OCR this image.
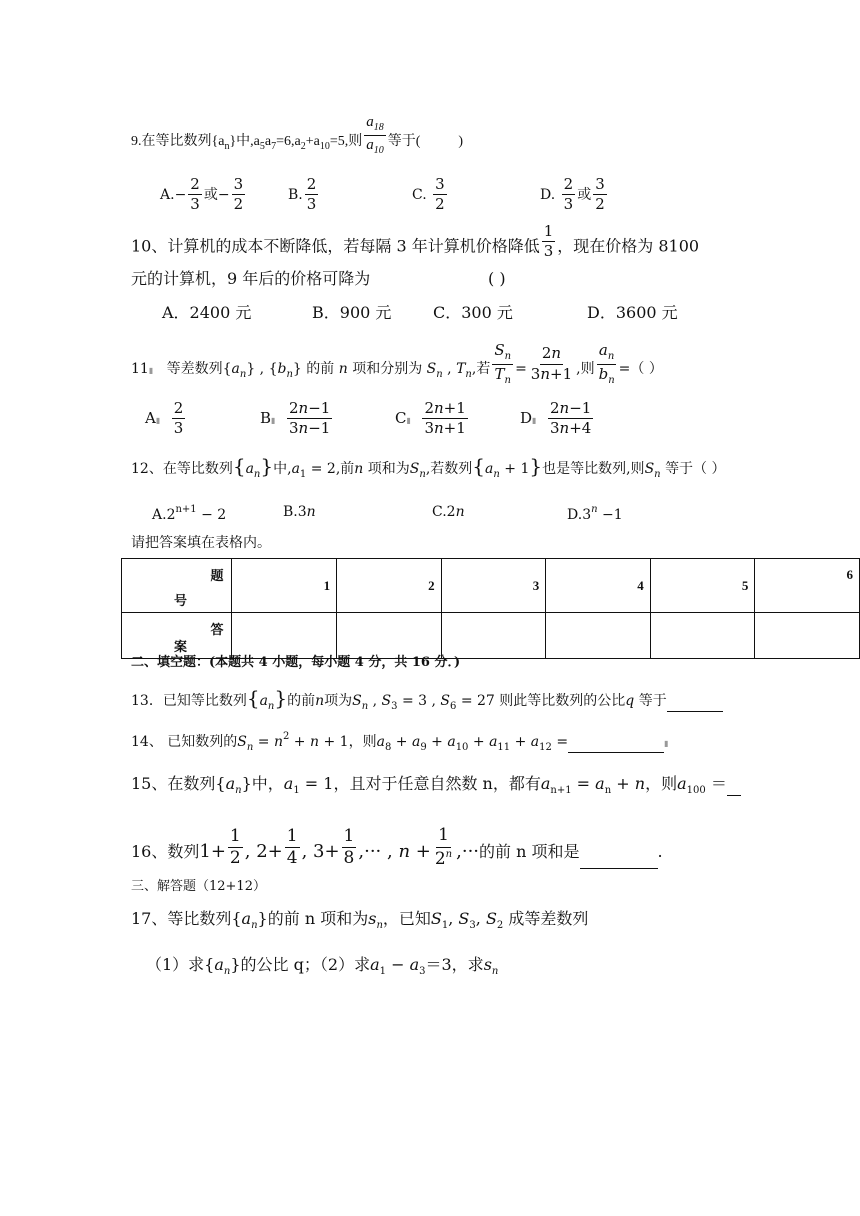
9.在等比数列$\{a_n\}$中$,a_5a_7=6,a_2+a_{10}=5$,则 $\frac{a_{18}}{a_{10}}$ 等于(	)
$A.- \frac{2}{3}$ 或− $\frac{3}{2}$	B. $\frac{2}{3}$	C. $\frac{3}{2}$	D. $\frac{2}{3}$ 或 $\frac{3}{2}$
10、计算机的成本不断降低，若每隔 3 年计算机价格降低 $\frac{1}{3}$ ，现在价格为 8100
元的计算机，9 年后的价格可降为	( )
A．2400 元	B．900 元	C．300 元	D．3600 元
11▮ 等差数列$\{a_n\}$ , $\{b_n\}$ 的前 n 项和分别为 $S_n$ , $T_n$,若 $\frac{S_n}{T_n} = \frac{2n}{3n+1}$ ,则 $\frac{a_n}{b_n}$ =（ ）
A▮ $\frac{2}{3}$	B▮ $\frac{2n-1}{3n-1}$	C▮ $\frac{2n+1}{3n+1}$	D▮ $\frac{2n-1}{3n+4}$
12、在等比数列$\{a_n\}$中$,a_1 = 2$,前n 项和为$S_n$,若数列$\{a_n + 1\}$也是等比数列,则$S_n$ 等于（ ）
$A.2^{n+1} - 2$	B.3n	C.2n	$D.3^n -1$
请把答案填在表格内。
题
号	1	2	3	4	5	6

答
案						

二、填空题：(本题共 4 小题，每小题 4 分，共 16 分．)
13．已知等比数列$\{a_n\}$的前n项为$S_n$ , $S_3 = 3$ , $S_6 = 27$ 则此等比数列的公比q 等于
14、 已知数列的$S_n = n^2 + n + 1$，则$a_8 + a_9 + a_{10} + a_{11} + a_{12}$ =	▮
15、在数列$\{a_n\}$中，$a_1 = 1$，且对于任意自然数 n，都有$a_{n+1} = a_n + n$，则$a_{100}$ ＝
16、数列$1+ \frac{1}{2}$ , $2+ \frac{1}{4}$ , $3+ \frac{1}{8}$ ,··· , $n + \frac{1}{2^n}$ ,···的前 n 项和是	.
三、解答题（12+12）
17、等比数列$\{a_n\}$的前 n 项和为$s_n$，已知$S_1$, $S_3$, $S_2$ 成等差数列
（1）求$\{a_n\}$的公比 q；（2）求$a_1 - a_3=3$，求$s_n$
